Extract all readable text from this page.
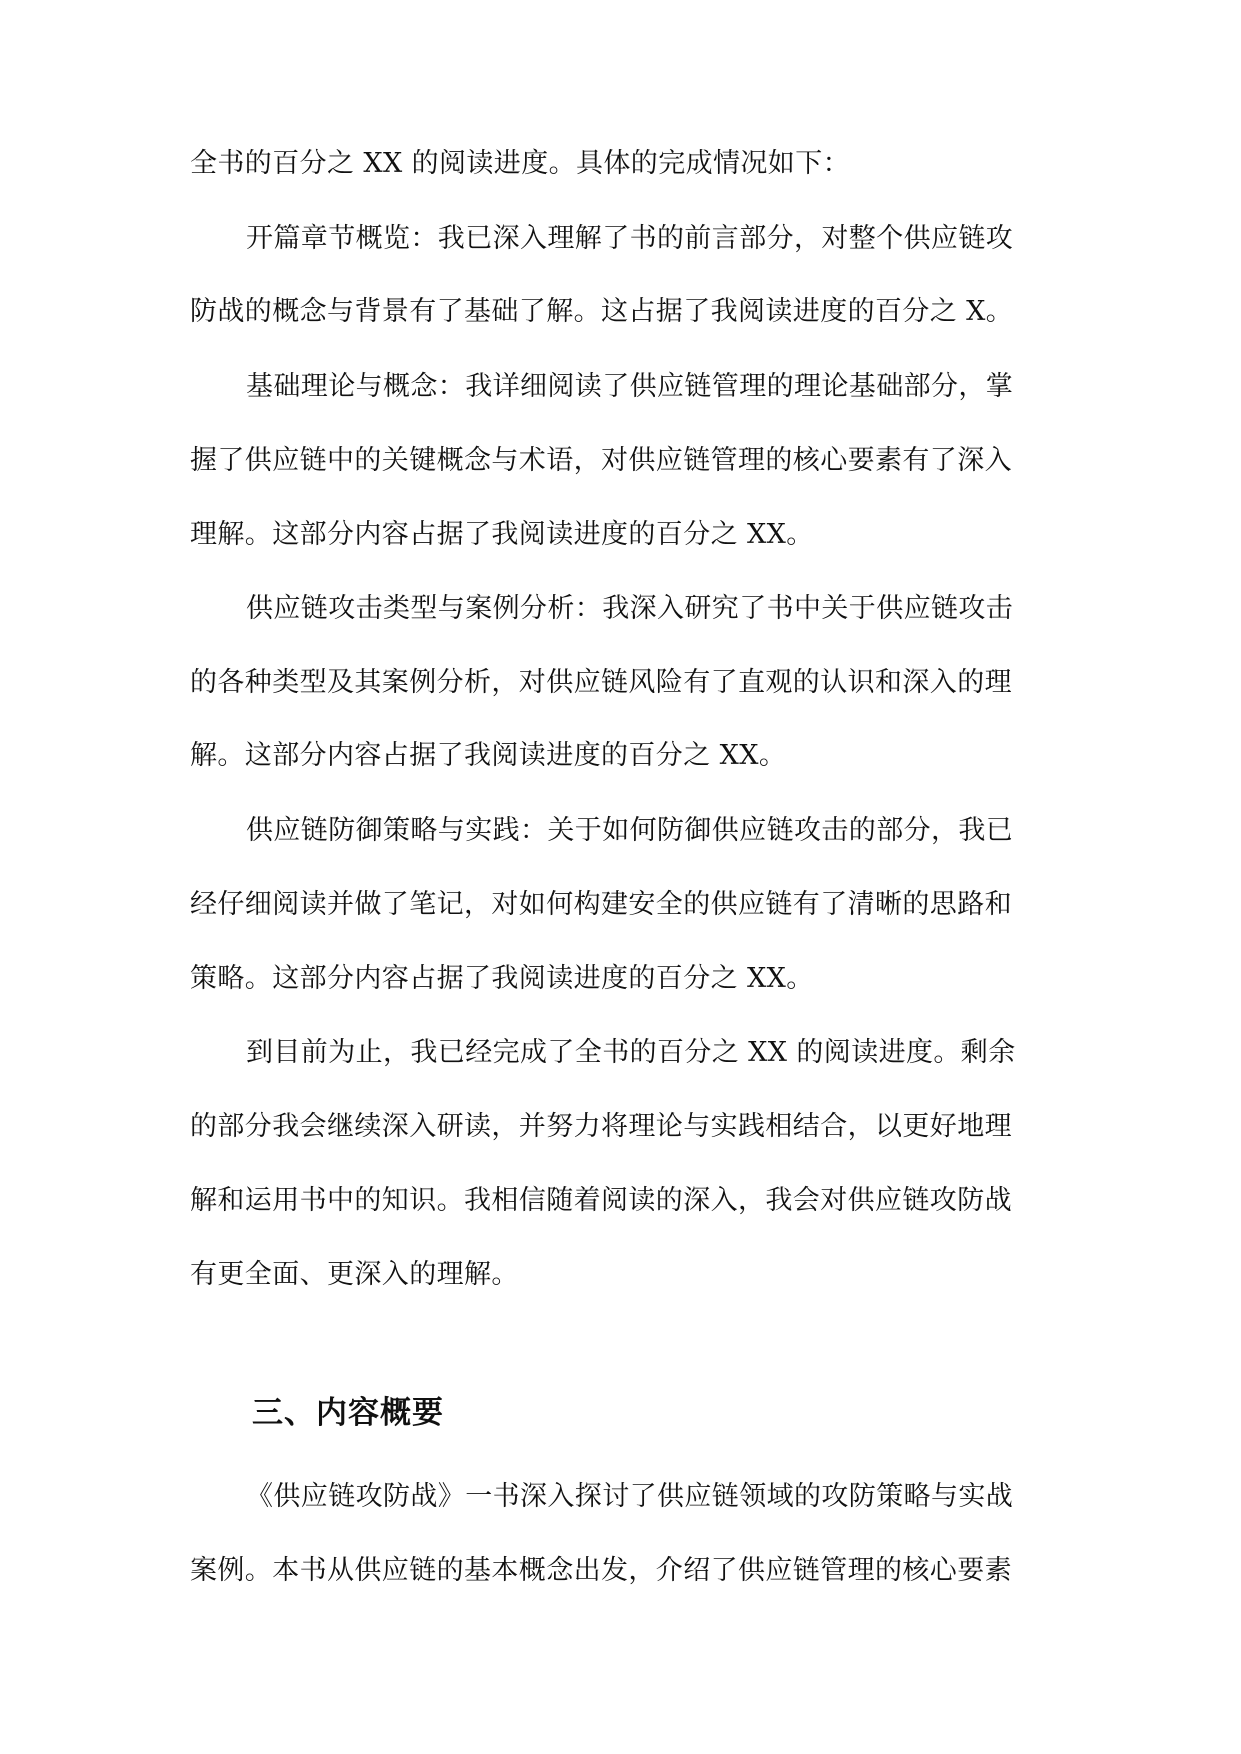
全书的百分之 XX 的阅读进度。具体的完成情况如下：
开篇章节概览：我已深入理解了书的前言部分，对整个供应链攻
防战的概念与背景有了基础了解。这占据了我阅读进度的百分之 X。
基础理论与概念：我详细阅读了供应链管理的理论基础部分，掌
握了供应链中的关键概念与术语，对供应链管理的核心要素有了深入
理解。这部分内容占据了我阅读进度的百分之 XX。
供应链攻击类型与案例分析：我深入研究了书中关于供应链攻击
的各种类型及其案例分析，对供应链风险有了直观的认识和深入的理
解。这部分内容占据了我阅读进度的百分之 XX。
供应链防御策略与实践：关于如何防御供应链攻击的部分，我已
经仔细阅读并做了笔记，对如何构建安全的供应链有了清晰的思路和
策略。这部分内容占据了我阅读进度的百分之 XX。
到目前为止，我已经完成了全书的百分之 XX 的阅读进度。剩余
的部分我会继续深入研读，并努力将理论与实践相结合，以更好地理
解和运用书中的知识。我相信随着阅读的深入，我会对供应链攻防战
有更全面、更深入的理解。
《供应链攻防战》一书深入探讨了供应链领域的攻防策略与实战
案例。本书从供应链的基本概念出发，介绍了供应链管理的核心要素
三、内容概要
